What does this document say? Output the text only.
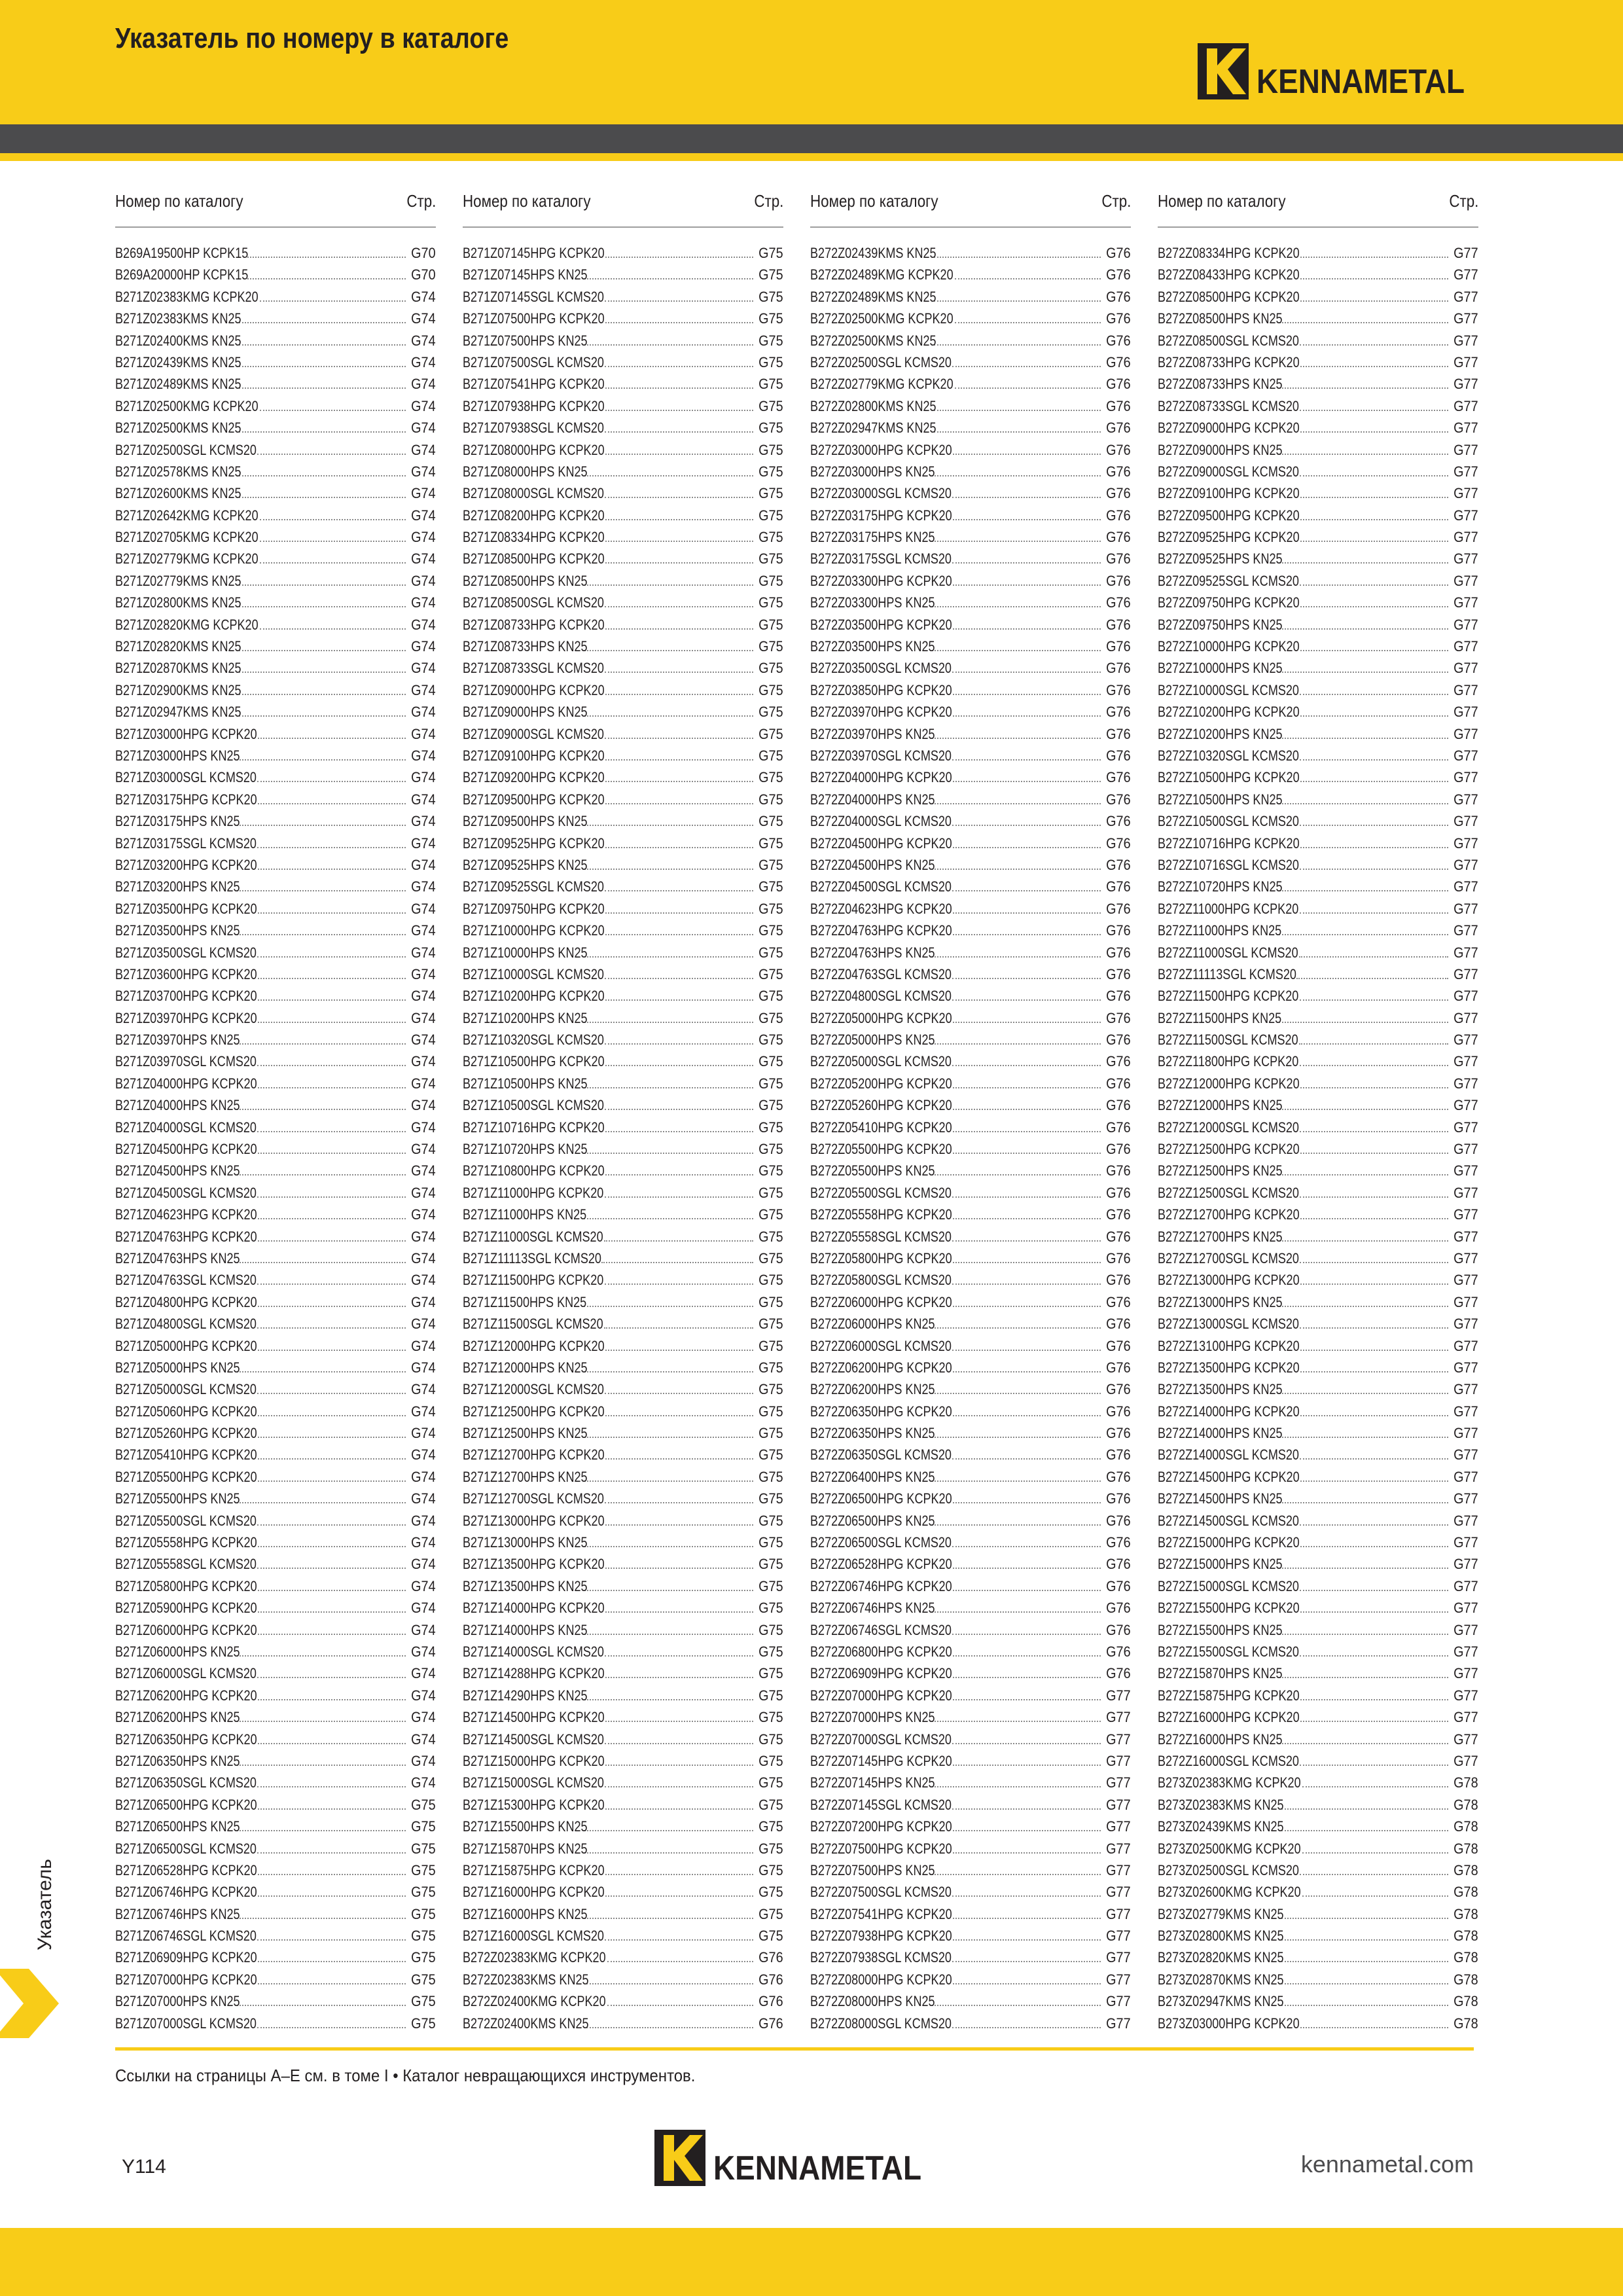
Указатель по номеру в каталоге
KENNAMETAL
Номер по каталогу	Стр.
B269A19500HP KCPK15	G70
B269A20000HP KCPK15	G70
B271Z02383KMG KCPK20	G74
B271Z02383KMS KN25	G74
B271Z02400KMS KN25	G74
B271Z02439KMS KN25	G74
B271Z02489KMS KN25	G74
B271Z02500KMG KCPK20	G74
B271Z02500KMS KN25	G74
B271Z02500SGL KCMS20	G74
B271Z02578KMS KN25	G74
B271Z02600KMS KN25	G74
B271Z02642KMG KCPK20	G74
B271Z02705KMG KCPK20	G74
B271Z02779KMG KCPK20	G74
B271Z02779KMS KN25	G74
B271Z02800KMS KN25	G74
B271Z02820KMG KCPK20	G74
B271Z02820KMS KN25	G74
B271Z02870KMS KN25	G74
B271Z02900KMS KN25	G74
B271Z02947KMS KN25	G74
B271Z03000HPG KCPK20	G74
B271Z03000HPS KN25	G74
B271Z03000SGL KCMS20	G74
B271Z03175HPG KCPK20	G74
B271Z03175HPS KN25	G74
B271Z03175SGL KCMS20	G74
B271Z03200HPG KCPK20	G74
B271Z03200HPS KN25	G74
B271Z03500HPG KCPK20	G74
B271Z03500HPS KN25	G74
B271Z03500SGL KCMS20	G74
B271Z03600HPG KCPK20	G74
B271Z03700HPG KCPK20	G74
B271Z03970HPG KCPK20	G74
B271Z03970HPS KN25	G74
B271Z03970SGL KCMS20	G74
B271Z04000HPG KCPK20	G74
B271Z04000HPS KN25	G74
B271Z04000SGL KCMS20	G74
B271Z04500HPG KCPK20	G74
B271Z04500HPS KN25	G74
B271Z04500SGL KCMS20	G74
B271Z04623HPG KCPK20	G74
B271Z04763HPG KCPK20	G74
B271Z04763HPS KN25	G74
B271Z04763SGL KCMS20	G74
B271Z04800HPG KCPK20	G74
B271Z04800SGL KCMS20	G74
B271Z05000HPG KCPK20	G74
B271Z05000HPS KN25	G74
B271Z05000SGL KCMS20	G74
B271Z05060HPG KCPK20	G74
B271Z05260HPG KCPK20	G74
B271Z05410HPG KCPK20	G74
B271Z05500HPG KCPK20	G74
B271Z05500HPS KN25	G74
B271Z05500SGL KCMS20	G74
B271Z05558HPG KCPK20	G74
B271Z05558SGL KCMS20	G74
B271Z05800HPG KCPK20	G74
B271Z05900HPG KCPK20	G74
B271Z06000HPG KCPK20	G74
B271Z06000HPS KN25	G74
B271Z06000SGL KCMS20	G74
B271Z06200HPG KCPK20	G74
B271Z06200HPS KN25	G74
B271Z06350HPG KCPK20	G74
B271Z06350HPS KN25	G74
B271Z06350SGL KCMS20	G74
B271Z06500HPG KCPK20	G75
B271Z06500HPS KN25	G75
B271Z06500SGL KCMS20	G75
B271Z06528HPG KCPK20	G75
B271Z06746HPG KCPK20	G75
B271Z06746HPS KN25	G75
B271Z06746SGL KCMS20	G75
B271Z06909HPG KCPK20	G75
B271Z07000HPG KCPK20	G75
B271Z07000HPS KN25	G75
B271Z07000SGL KCMS20	G75
Номер по каталогу	Стр.
B271Z07145HPG KCPK20	G75
B271Z07145HPS KN25	G75
B271Z07145SGL KCMS20	G75
B271Z07500HPG KCPK20	G75
B271Z07500HPS KN25	G75
B271Z07500SGL KCMS20	G75
B271Z07541HPG KCPK20	G75
B271Z07938HPG KCPK20	G75
B271Z07938SGL KCMS20	G75
B271Z08000HPG KCPK20	G75
B271Z08000HPS KN25	G75
B271Z08000SGL KCMS20	G75
B271Z08200HPG KCPK20	G75
B271Z08334HPG KCPK20	G75
B271Z08500HPG KCPK20	G75
B271Z08500HPS KN25	G75
B271Z08500SGL KCMS20	G75
B271Z08733HPG KCPK20	G75
B271Z08733HPS KN25	G75
B271Z08733SGL KCMS20	G75
B271Z09000HPG KCPK20	G75
B271Z09000HPS KN25	G75
B271Z09000SGL KCMS20	G75
B271Z09100HPG KCPK20	G75
B271Z09200HPG KCPK20	G75
B271Z09500HPG KCPK20	G75
B271Z09500HPS KN25	G75
B271Z09525HPG KCPK20	G75
B271Z09525HPS KN25	G75
B271Z09525SGL KCMS20	G75
B271Z09750HPG KCPK20	G75
B271Z10000HPG KCPK20	G75
B271Z10000HPS KN25	G75
B271Z10000SGL KCMS20	G75
B271Z10200HPG KCPK20	G75
B271Z10200HPS KN25	G75
B271Z10320SGL KCMS20	G75
B271Z10500HPG KCPK20	G75
B271Z10500HPS KN25	G75
B271Z10500SGL KCMS20	G75
B271Z10716HPG KCPK20	G75
B271Z10720HPS KN25	G75
B271Z10800HPG KCPK20	G75
B271Z11000HPG KCPK20	G75
B271Z11000HPS KN25	G75
B271Z11000SGL KCMS20	G75
B271Z11113SGL KCMS20	G75
B271Z11500HPG KCPK20	G75
B271Z11500HPS KN25	G75
B271Z11500SGL KCMS20	G75
B271Z12000HPG KCPK20	G75
B271Z12000HPS KN25	G75
B271Z12000SGL KCMS20	G75
B271Z12500HPG KCPK20	G75
B271Z12500HPS KN25	G75
B271Z12700HPG KCPK20	G75
B271Z12700HPS KN25	G75
B271Z12700SGL KCMS20	G75
B271Z13000HPG KCPK20	G75
B271Z13000HPS KN25	G75
B271Z13500HPG KCPK20	G75
B271Z13500HPS KN25	G75
B271Z14000HPG KCPK20	G75
B271Z14000HPS KN25	G75
B271Z14000SGL KCMS20	G75
B271Z14288HPG KCPK20	G75
B271Z14290HPS KN25	G75
B271Z14500HPG KCPK20	G75
B271Z14500SGL KCMS20	G75
B271Z15000HPG KCPK20	G75
B271Z15000SGL KCMS20	G75
B271Z15300HPG KCPK20	G75
B271Z15500HPS KN25	G75
B271Z15870HPS KN25	G75
B271Z15875HPG KCPK20	G75
B271Z16000HPG KCPK20	G75
B271Z16000HPS KN25	G75
B271Z16000SGL KCMS20	G75
B272Z02383KMG KCPK20	G76
B272Z02383KMS KN25	G76
B272Z02400KMG KCPK20	G76
B272Z02400KMS KN25	G76
Номер по каталогу	Стр.
B272Z02439KMS KN25	G76
B272Z02489KMG KCPK20	G76
B272Z02489KMS KN25	G76
B272Z02500KMG KCPK20	G76
B272Z02500KMS KN25	G76
B272Z02500SGL KCMS20	G76
B272Z02779KMG KCPK20	G76
B272Z02800KMS KN25	G76
B272Z02947KMS KN25	G76
B272Z03000HPG KCPK20	G76
B272Z03000HPS KN25	G76
B272Z03000SGL KCMS20	G76
B272Z03175HPG KCPK20	G76
B272Z03175HPS KN25	G76
B272Z03175SGL KCMS20	G76
B272Z03300HPG KCPK20	G76
B272Z03300HPS KN25	G76
B272Z03500HPG KCPK20	G76
B272Z03500HPS KN25	G76
B272Z03500SGL KCMS20	G76
B272Z03850HPG KCPK20	G76
B272Z03970HPG KCPK20	G76
B272Z03970HPS KN25	G76
B272Z03970SGL KCMS20	G76
B272Z04000HPG KCPK20	G76
B272Z04000HPS KN25	G76
B272Z04000SGL KCMS20	G76
B272Z04500HPG KCPK20	G76
B272Z04500HPS KN25	G76
B272Z04500SGL KCMS20	G76
B272Z04623HPG KCPK20	G76
B272Z04763HPG KCPK20	G76
B272Z04763HPS KN25	G76
B272Z04763SGL KCMS20	G76
B272Z04800SGL KCMS20	G76
B272Z05000HPG KCPK20	G76
B272Z05000HPS KN25	G76
B272Z05000SGL KCMS20	G76
B272Z05200HPG KCPK20	G76
B272Z05260HPG KCPK20	G76
B272Z05410HPG KCPK20	G76
B272Z05500HPG KCPK20	G76
B272Z05500HPS KN25	G76
B272Z05500SGL KCMS20	G76
B272Z05558HPG KCPK20	G76
B272Z05558SGL KCMS20	G76
B272Z05800HPG KCPK20	G76
B272Z05800SGL KCMS20	G76
B272Z06000HPG KCPK20	G76
B272Z06000HPS KN25	G76
B272Z06000SGL KCMS20	G76
B272Z06200HPG KCPK20	G76
B272Z06200HPS KN25	G76
B272Z06350HPG KCPK20	G76
B272Z06350HPS KN25	G76
B272Z06350SGL KCMS20	G76
B272Z06400HPS KN25	G76
B272Z06500HPG KCPK20	G76
B272Z06500HPS KN25	G76
B272Z06500SGL KCMS20	G76
B272Z06528HPG KCPK20	G76
B272Z06746HPG KCPK20	G76
B272Z06746HPS KN25	G76
B272Z06746SGL KCMS20	G76
B272Z06800HPG KCPK20	G76
B272Z06909HPG KCPK20	G76
B272Z07000HPG KCPK20	G77
B272Z07000HPS KN25	G77
B272Z07000SGL KCMS20	G77
B272Z07145HPG KCPK20	G77
B272Z07145HPS KN25	G77
B272Z07145SGL KCMS20	G77
B272Z07200HPG KCPK20	G77
B272Z07500HPG KCPK20	G77
B272Z07500HPS KN25	G77
B272Z07500SGL KCMS20	G77
B272Z07541HPG KCPK20	G77
B272Z07938HPG KCPK20	G77
B272Z07938SGL KCMS20	G77
B272Z08000HPG KCPK20	G77
B272Z08000HPS KN25	G77
B272Z08000SGL KCMS20	G77
Номер по каталогу	Стр.
B272Z08334HPG KCPK20	G77
B272Z08433HPG KCPK20	G77
B272Z08500HPG KCPK20	G77
B272Z08500HPS KN25	G77
B272Z08500SGL KCMS20	G77
B272Z08733HPG KCPK20	G77
B272Z08733HPS KN25	G77
B272Z08733SGL KCMS20	G77
B272Z09000HPG KCPK20	G77
B272Z09000HPS KN25	G77
B272Z09000SGL KCMS20	G77
B272Z09100HPG KCPK20	G77
B272Z09500HPG KCPK20	G77
B272Z09525HPG KCPK20	G77
B272Z09525HPS KN25	G77
B272Z09525SGL KCMS20	G77
B272Z09750HPG KCPK20	G77
B272Z09750HPS KN25	G77
B272Z10000HPG KCPK20	G77
B272Z10000HPS KN25	G77
B272Z10000SGL KCMS20	G77
B272Z10200HPG KCPK20	G77
B272Z10200HPS KN25	G77
B272Z10320SGL KCMS20	G77
B272Z10500HPG KCPK20	G77
B272Z10500HPS KN25	G77
B272Z10500SGL KCMS20	G77
B272Z10716HPG KCPK20	G77
B272Z10716SGL KCMS20	G77
B272Z10720HPS KN25	G77
B272Z11000HPG KCPK20	G77
B272Z11000HPS KN25	G77
B272Z11000SGL KCMS20	G77
B272Z11113SGL KCMS20	G77
B272Z11500HPG KCPK20	G77
B272Z11500HPS KN25	G77
B272Z11500SGL KCMS20	G77
B272Z11800HPG KCPK20	G77
B272Z12000HPG KCPK20	G77
B272Z12000HPS KN25	G77
B272Z12000SGL KCMS20	G77
B272Z12500HPG KCPK20	G77
B272Z12500HPS KN25	G77
B272Z12500SGL KCMS20	G77
B272Z12700HPG KCPK20	G77
B272Z12700HPS KN25	G77
B272Z12700SGL KCMS20	G77
B272Z13000HPG KCPK20	G77
B272Z13000HPS KN25	G77
B272Z13000SGL KCMS20	G77
B272Z13100HPG KCPK20	G77
B272Z13500HPG KCPK20	G77
B272Z13500HPS KN25	G77
B272Z14000HPG KCPK20	G77
B272Z14000HPS KN25	G77
B272Z14000SGL KCMS20	G77
B272Z14500HPG KCPK20	G77
B272Z14500HPS KN25	G77
B272Z14500SGL KCMS20	G77
B272Z15000HPG KCPK20	G77
B272Z15000HPS KN25	G77
B272Z15000SGL KCMS20	G77
B272Z15500HPG KCPK20	G77
B272Z15500HPS KN25	G77
B272Z15500SGL KCMS20	G77
B272Z15870HPS KN25	G77
B272Z15875HPG KCPK20	G77
B272Z16000HPG KCPK20	G77
B272Z16000HPS KN25	G77
B272Z16000SGL KCMS20	G77
B273Z02383KMG KCPK20	G78
B273Z02383KMS KN25	G78
B273Z02439KMS KN25	G78
B273Z02500KMG KCPK20	G78
B273Z02500SGL KCMS20	G78
B273Z02600KMG KCPK20	G78
B273Z02779KMS KN25	G78
B273Z02800KMS KN25	G78
B273Z02820KMS KN25	G78
B273Z02870KMS KN25	G78
B273Z02947KMS KN25	G78
B273Z03000HPG KCPK20	G78
Указатель
Ссылки на страницы A–E см. в томе I • Каталог невращающихся инструментов.
Y114	KENNAMETAL	kennametal.com
